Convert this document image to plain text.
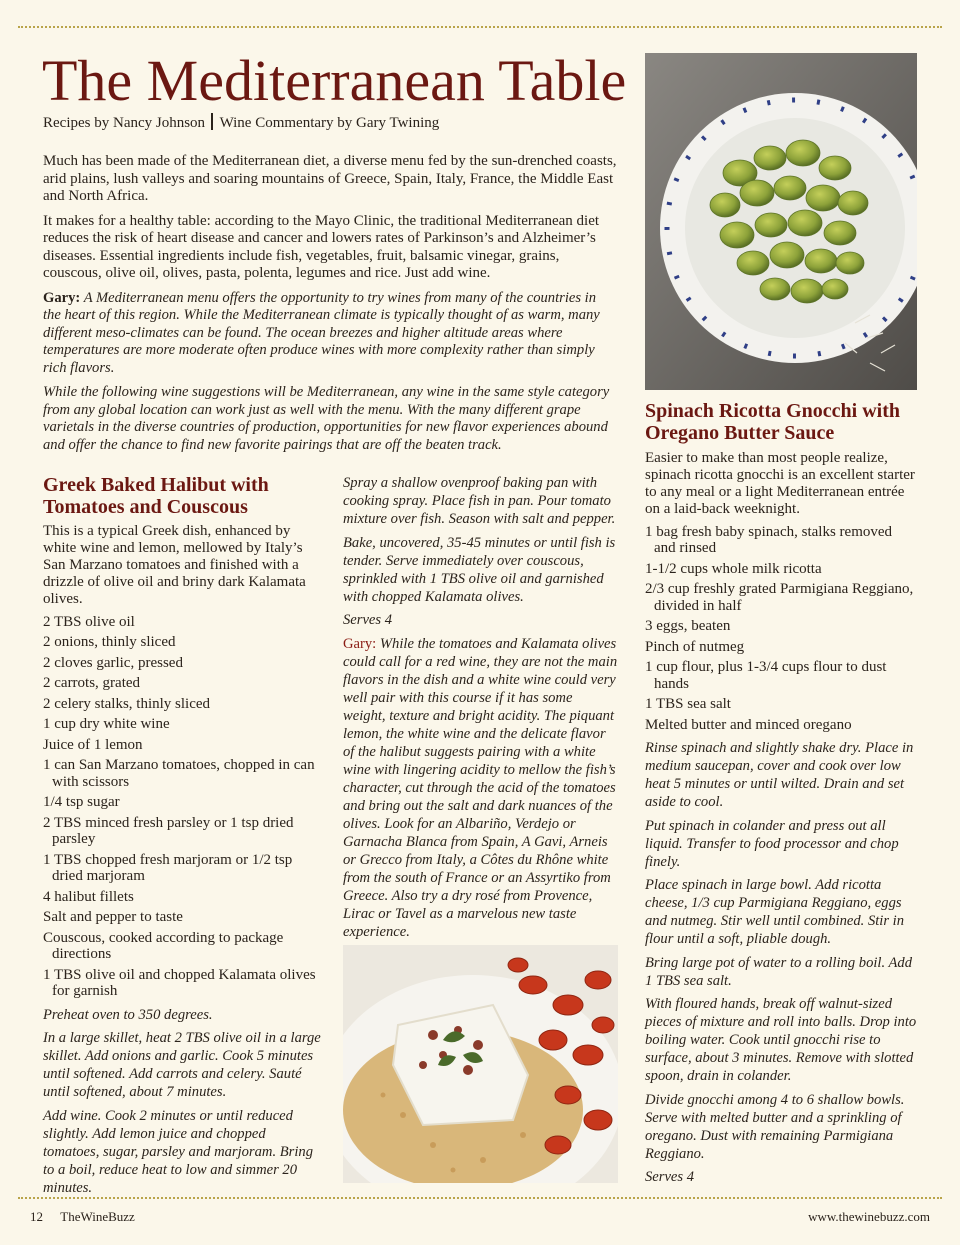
The Mediterranean Table
Recipes by Nancy Johnson Wine Commentary by Gary Twining

Much has been made of the Mediterranean diet, a diverse menu fed by the sun-drenched coasts, arid plains, lush valleys and soaring mountains of Greece, Spain, Italy, France, the Middle East and North Africa.

It makes for a healthy table: according to the Mayo Clinic, the traditional Mediterranean diet reduces the risk of heart disease and cancer and lowers rates of Parkinson’s and Alzheimer’s diseases. Essential ingredients include fish, vegetables, fruit, balsamic vinegar, grains, couscous, olive oil, olives, pasta, polenta, legumes and rice. Just add wine.

Gary: A Mediterranean menu offers the opportunity to try wines from many of the countries in the heart of this region. While the Mediterranean climate is typically thought of as warm, many different meso-climates can be found. The ocean breezes and higher altitude areas where temperatures are more moderate often produce wines with more complexity rather than simply rich flavors.

While the following wine suggestions will be Mediterranean, any wine in the same style category from any global location can work just as well with the menu. With the many different grape varietals in the diverse countries of production, opportunities for new flavor experiences abound and offer the chance to find new favorite pairings that are off the beaten track.

Greek Baked Halibut with Tomatoes and Couscous

This is a typical Greek dish, enhanced by white wine and lemon, mellowed by Italy’s San Marzano tomatoes and finished with a drizzle of olive oil and briny dark Kalamata olives.

2 TBS olive oil
2 onions, thinly sliced
2 cloves garlic, pressed
2 carrots, grated
2 celery stalks, thinly sliced
1 cup dry white wine
Juice of 1 lemon
1 can San Marzano tomatoes, chopped in can with scissors
1/4 tsp sugar
2 TBS minced fresh parsley or 1 tsp dried parsley
1 TBS chopped fresh marjoram or 1/2 tsp dried marjoram
4 halibut fillets
Salt and pepper to taste
Couscous, cooked according to package directions
1 TBS olive oil and chopped Kalamata olives for garnish

Preheat oven to 350 degrees.

In a large skillet, heat 2 TBS olive oil in a large skillet. Add onions and garlic. Cook 5 minutes until softened. Add carrots and celery. Sauté until softened, about 7 minutes.

Add wine. Cook 2 minutes or until reduced slightly. Add lemon juice and chopped tomatoes, sugar, parsley and marjoram. Bring to a boil, reduce heat to low and simmer 20 minutes.

Spray a shallow ovenproof baking pan with cooking spray. Place fish in pan. Pour tomato mixture over fish. Season with salt and pepper.

Bake, uncovered, 35-45 minutes or until fish is tender. Serve immediately over couscous, sprinkled with 1 TBS olive oil and garnished with chopped Kalamata olives.

Serves 4

Gary: While the tomatoes and Kalamata olives could call for a red wine, they are not the main flavors in the dish and a white wine could very well pair with this course if it has some weight, texture and bright acidity. The piquant lemon, the white wine and the delicate flavor of the halibut suggests pairing with a white wine with lingering acidity to mellow the fish’s character, cut through the acid of the tomatoes and bring out the salt and dark nuances of the olives. Look for an Albariño, Verdejo or Garnacha Blanca from Spain, A Gavi, Arneis or Grecco from Italy, a Côtes du Rhône white from the south of France or an Assyrtiko from Greece. Also try a dry rosé from Provence, Lirac or Tavel as a marvelous new taste experience.

Spinach Ricotta Gnocchi with Oregano Butter Sauce

Easier to make than most people realize, spinach ricotta gnocchi is an excellent starter to any meal or a light Mediterranean entrée on a laid-back weeknight.

1 bag fresh baby spinach, stalks removed and rinsed
1-1/2 cups whole milk ricotta
2/3 cup freshly grated Parmigiana Reggiano, divided in half
3 eggs, beaten
Pinch of nutmeg
1 cup flour, plus 1-3/4 cups flour to dust hands
1 TBS sea salt
Melted butter and minced oregano

Rinse spinach and slightly shake dry. Place in medium saucepan, cover and cook over low heat 5 minutes or until wilted. Drain and set aside to cool.

Put spinach in colander and press out all liquid. Transfer to food processor and chop finely.

Place spinach in large bowl. Add ricotta cheese, 1/3 cup Parmigiana Reggiano, eggs and nutmeg. Stir well until combined. Stir in flour until a soft, pliable dough.

Bring large pot of water to a rolling boil. Add 1 TBS sea salt.

With floured hands, break off walnut-sized pieces of mixture and roll into balls. Drop into boiling water. Cook until gnocchi rise to surface, about 3 minutes. Remove with slotted spoon, drain in colander.

Divide gnocchi among 4 to 6 shallow bowls. Serve with melted butter and a sprinkling of oregano. Dust with remaining Parmigiana Reggiano.

Serves 4

12 TheWineBuzz	www.thewinebuzz.com
